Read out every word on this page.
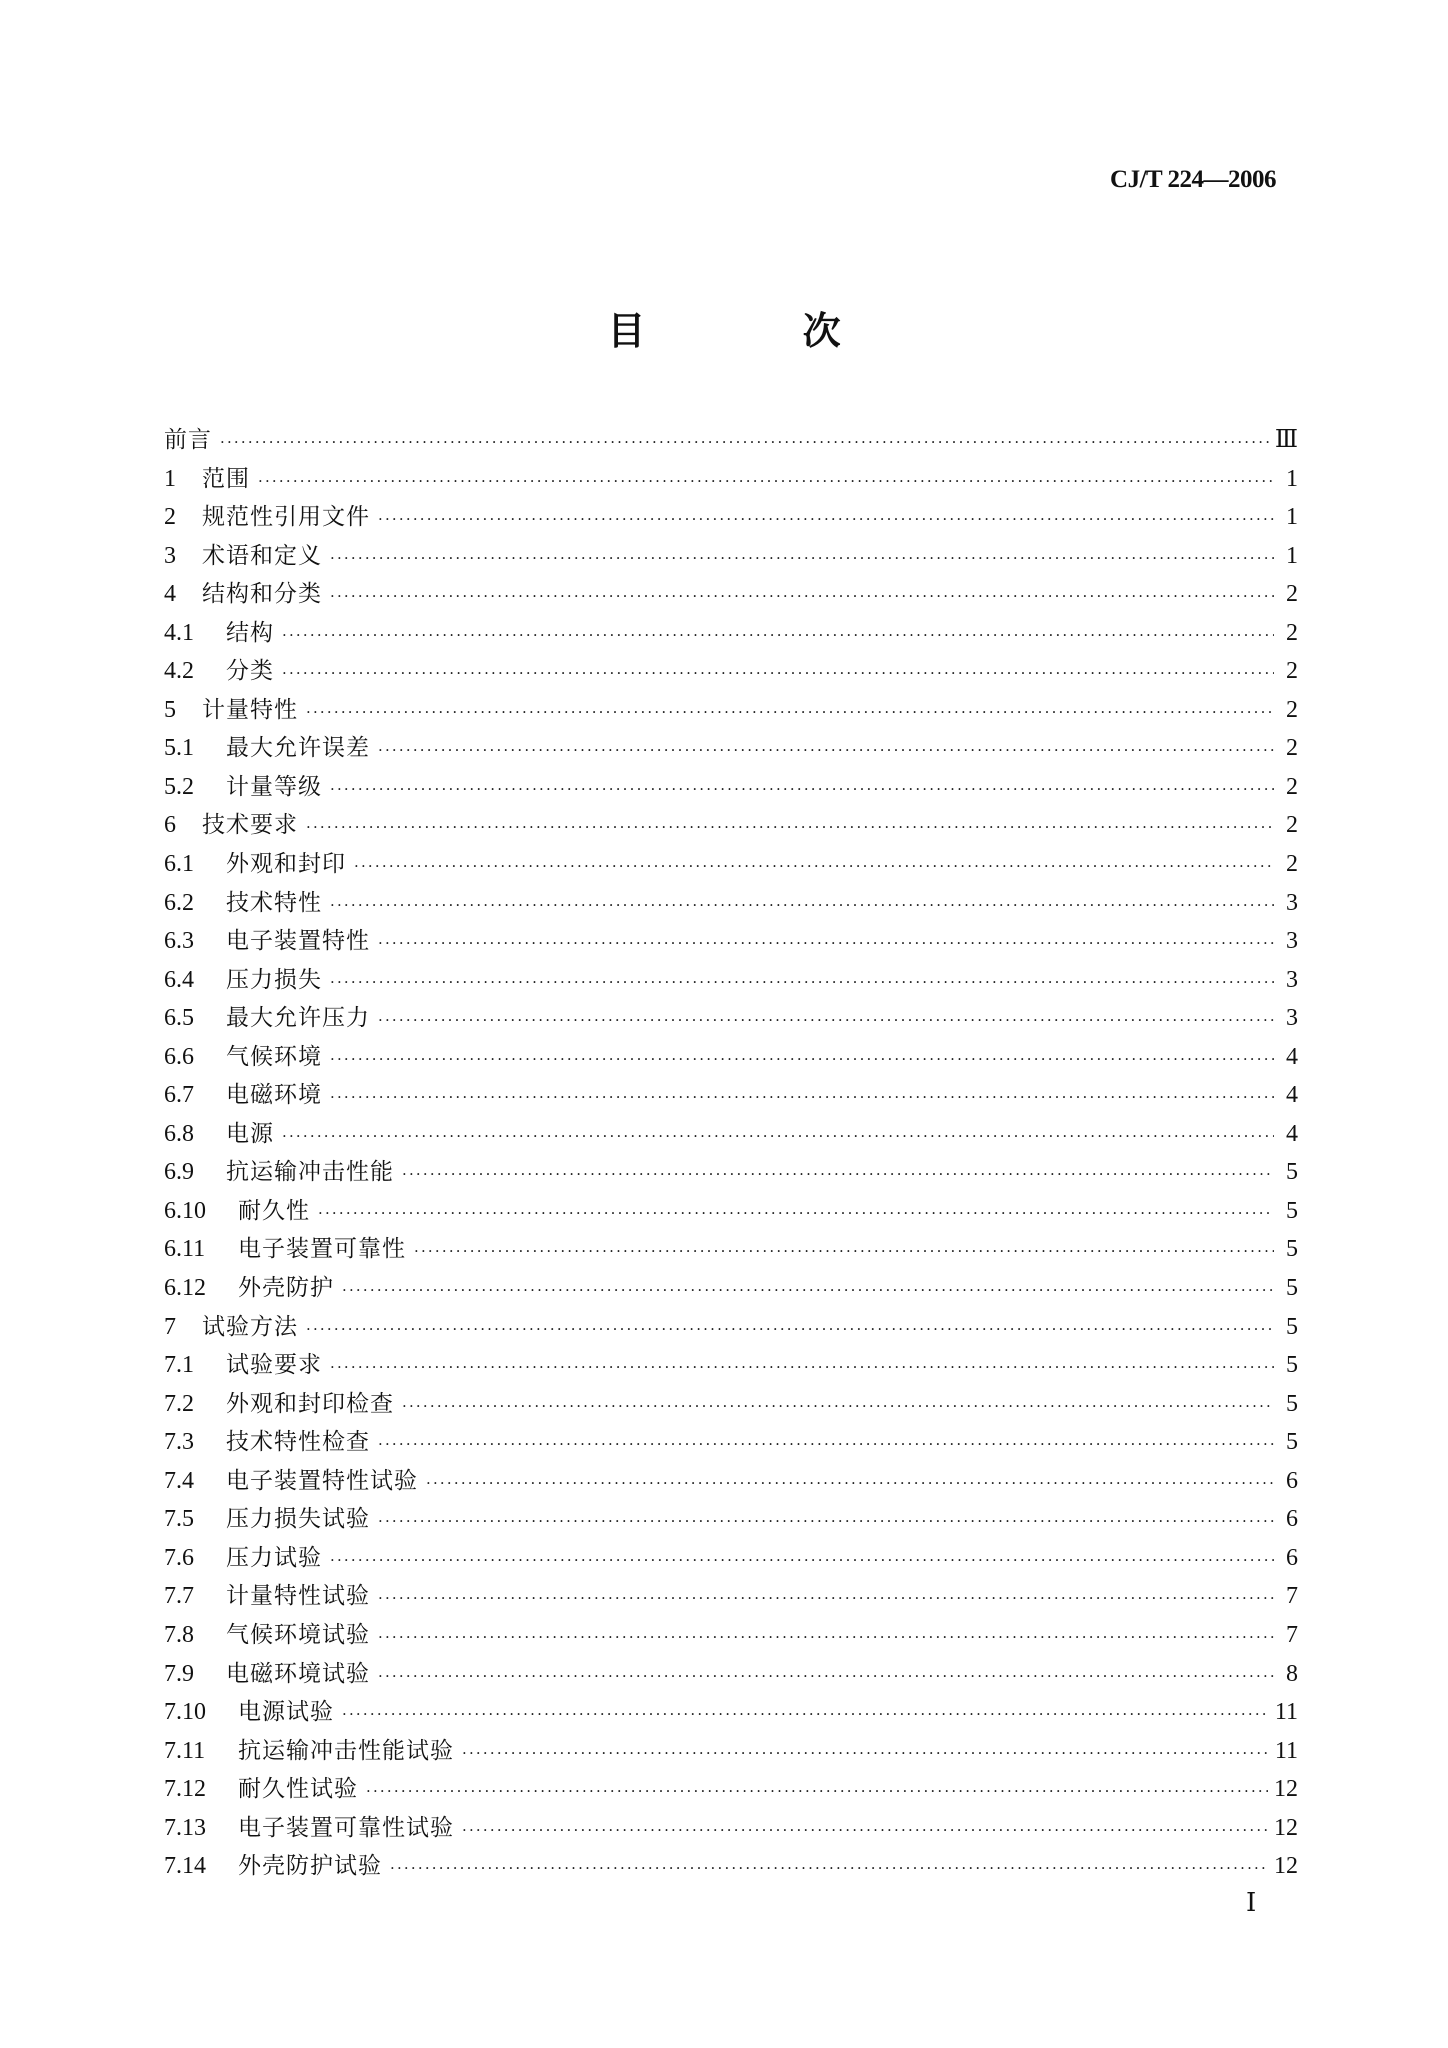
CJ/T 224—2006
目 次
前言 ·····	Ⅲ
1	范围 ·····	1
2	规范性引用文件 ·····	1
3	术语和定义 ·····	1
4	结构和分类 ·····	2
4.1	结构 ·····	2
4.2	分类 ·····	2
5	计量特性 ·····	2
5.1	最大允许误差 ·····	2
5.2	计量等级 ·····	2
6	技术要求 ·····	2
6.1	外观和封印 ·····	2
6.2	技术特性 ·····	3
6.3	电子装置特性 ·····	3
6.4	压力损失 ·····	3
6.5	最大允许压力 ·····	3
6.6	气候环境 ·····	4
6.7	电磁环境 ·····	4
6.8	电源 ·····	4
6.9	抗运输冲击性能 ·····	5
6.10	耐久性 ·····	5
6.11	电子装置可靠性 ·····	5
6.12	外壳防护 ·····	5
7	试验方法 ·····	5
7.1	试验要求 ·····	5
7.2	外观和封印检查 ·····	5
7.3	技术特性检查 ·····	5
7.4	电子装置特性试验 ·····	6
7.5	压力损失试验 ·····	6
7.6	压力试验 ·····	6
7.7	计量特性试验 ·····	7
7.8	气候环境试验 ·····	7
7.9	电磁环境试验 ·····	8
7.10	电源试验 ·····	11
7.11	抗运输冲击性能试验 ·····	11
7.12	耐久性试验 ·····	12
7.13	电子装置可靠性试验 ·····	12
7.14	外壳防护试验 ·····	12
Ⅰ
